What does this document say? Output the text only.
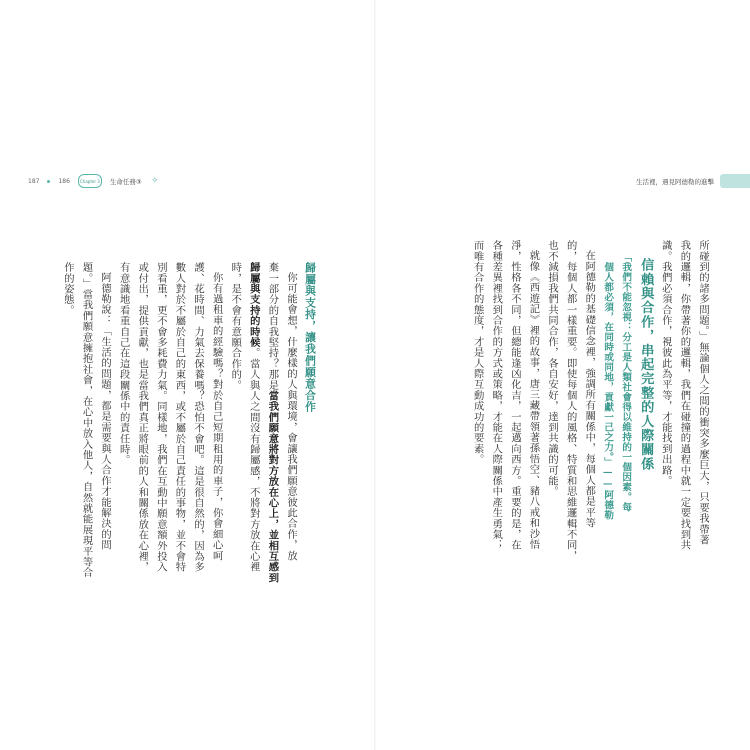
187	186	Chapter 3	生命任務③ ✧

歸屬與支持，讓我們願意合作

你可能會想，什麼樣的人與環境，會讓我們願意彼此合作，放

棄一部分的自我堅持？那是當我們願意將對方放在心上，並相互感到

歸屬與支持的時候。當人與人之間沒有歸屬感，不將對方放在心裡

時，是不會有意願合作的。

你有過租車的經驗嗎？對於自己短期租用的車子，你會細心呵

護、花時間、力氣去保養嗎？恐怕不會吧。這是很自然的，因為多

數人對於不屬於自己的東西，或不屬於自己責任的事物，並不會特

別看重，更不會多耗費力氣。同樣地，我們在互動中願意額外投入

或付出，提供貢獻，也是當我們真正將眼前的人和關係放在心裡，

有意識地看重自己在這段關係中的責任時。

阿德勒說：「生活的問題，都是需要與人合作才能解決的問

題。」當我們願意擁抱社會，在心中放入他人，自然就能展現平等合

作的姿態。

生活裡，遇見阿德勒的進擊

所碰到的諸多問題。」無論個人之間的衝突多麼巨大，只要我帶著

我的邏輯，你帶著你的邏輯，我們在碰撞的過程中就一定要找到共

識。我們必須合作，視彼此為平等，才能找到出路。

信賴與合作，串起完整的人際關係

「我們不能忽視：分工是人類社會得以維持的一個因素。每

個人都必須，在同時或同地，貢獻一己之力。」——阿德勒

在阿德勒的基礎信念裡，強調所有關係中，每個人都是平等

的，每個人都一樣重要。即使每個人的風格、特質和思維邏輯不同，

也不減損我們共同合作，各自安好，達到共識的可能。

就像《西遊記》裡的故事，唐三藏帶領著孫悟空、豬八戒和沙悟

淨，性格各不同，但總能逢凶化吉，一起邁向西方。重要的是，在

各種差異裡找到合作的方式或策略，才能在人際關係中產生勇氣；

而唯有合作的態度，才是人際互動成功的要素。
